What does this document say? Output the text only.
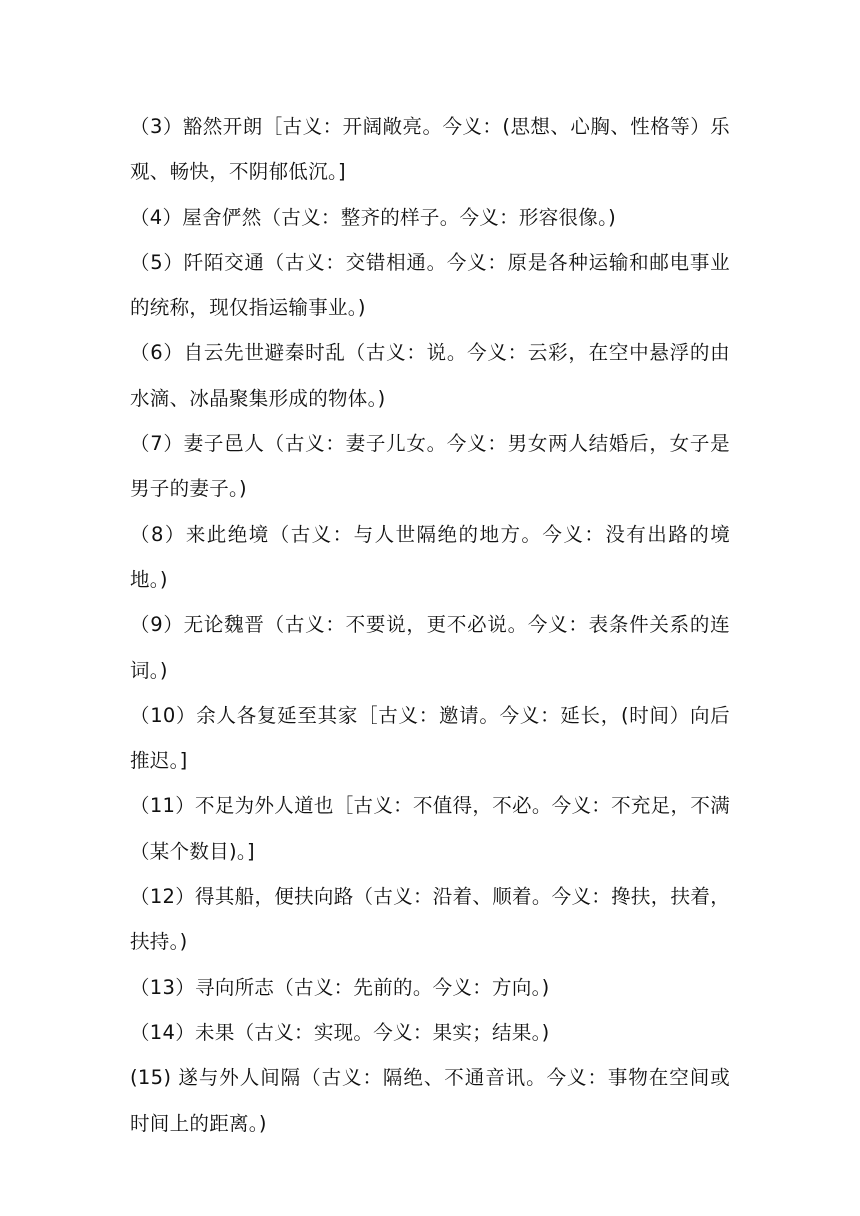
（3）豁然开朗［古义：开阔敞亮。今义：(思想、心胸、性格等）乐观、畅快，不阴郁低沉。]

（4）屋舍俨然（古义：整齐的样子。今义：形容很像。)

（5）阡陌交通（古义：交错相通。今义：原是各种运输和邮电事业的统称，现仅指运输事业。)

（6）自云先世避秦时乱（古义：说。今义：云彩，在空中悬浮的由水滴、冰晶聚集形成的物体。)

（7）妻子邑人（古义：妻子儿女。今义：男女两人结婚后，女子是男子的妻子。)

（8）来此绝境（古义：与人世隔绝的地方。今义：没有出路的境地。)

（9）无论魏晋（古义：不要说，更不必说。今义：表条件关系的连词。)

（10）余人各复延至其家［古义：邀请。今义：延长，(时间）向后推迟。]

（11）不足为外人道也［古义：不值得，不必。今义：不充足，不满（某个数目)。]

（12）得其船，便扶向路（古义：沿着、顺着。今义：搀扶，扶着，扶持。)

（13）寻向所志（古义：先前的。今义：方向。)

（14）未果（古义：实现。今义：果实；结果。)

(15) 遂与外人间隔（古义：隔绝、不通音讯。今义：事物在空间或时间上的距离。)
